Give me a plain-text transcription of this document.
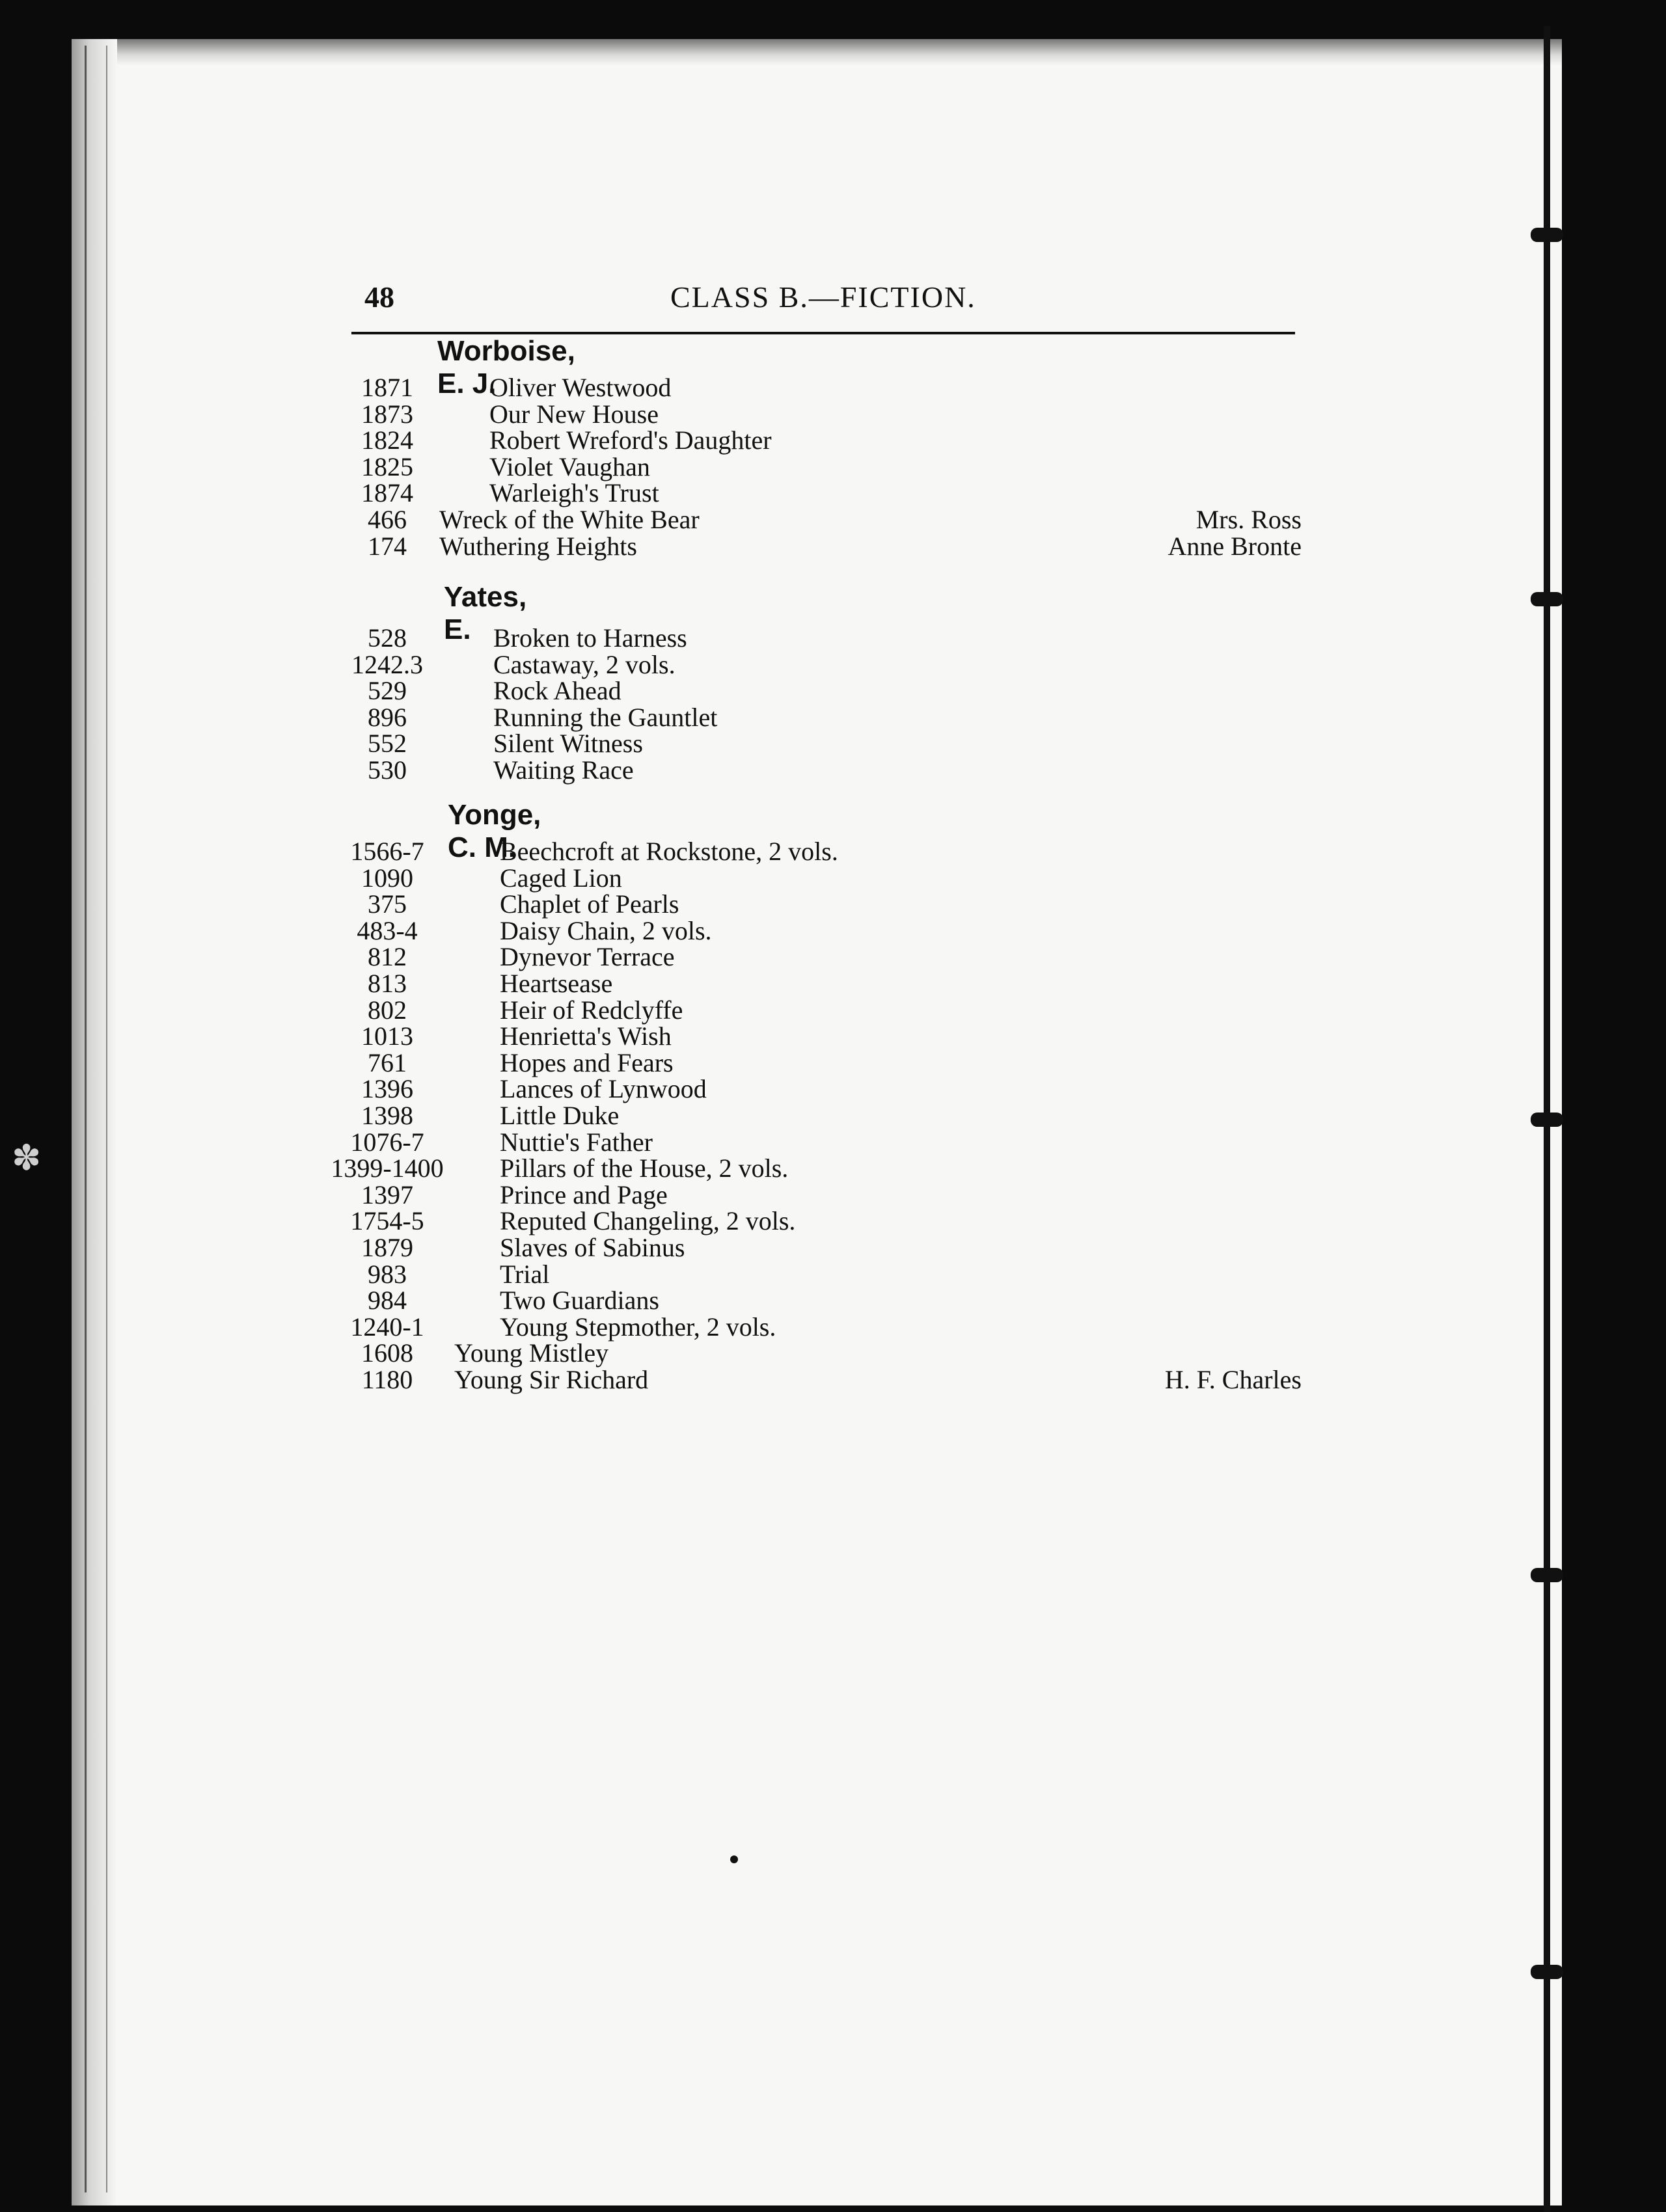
✽
48	CLASS B.—FICTION.
Worboise, E. J.
1871	Oliver Westwood
1873	Our New House
1824	Robert Wreford's Daughter
1825	Violet Vaughan
1874	Warleigh's Trust
466	Wreck of the White Bear	Mrs. Ross
174	Wuthering Heights	Anne Bronte
Yates, E.
528	Broken to Harness
1242.3	Castaway, 2 vols.
529	Rock Ahead
896	Running the Gauntlet
552	Silent Witness
530	Waiting Race
Yonge, C. M.
1566-7	Beechcroft at Rockstone, 2 vols.
1090	Caged Lion
375	Chaplet of Pearls
483-4	Daisy Chain, 2 vols.
812	Dynevor Terrace
813	Heartsease
802	Heir of Redclyffe
1013	Henrietta's Wish
761	Hopes and Fears
1396	Lances of Lynwood
1398	Little Duke
1076-7	Nuttie's Father
1399-1400	Pillars of the House, 2 vols.
1397	Prince and Page
1754-5	Reputed Changeling, 2 vols.
1879	Slaves of Sabinus
983	Trial
984	Two Guardians
1240-1	Young Stepmother, 2 vols.
1608	Young Mistley
1180	Young Sir Richard	H. F. Charles
